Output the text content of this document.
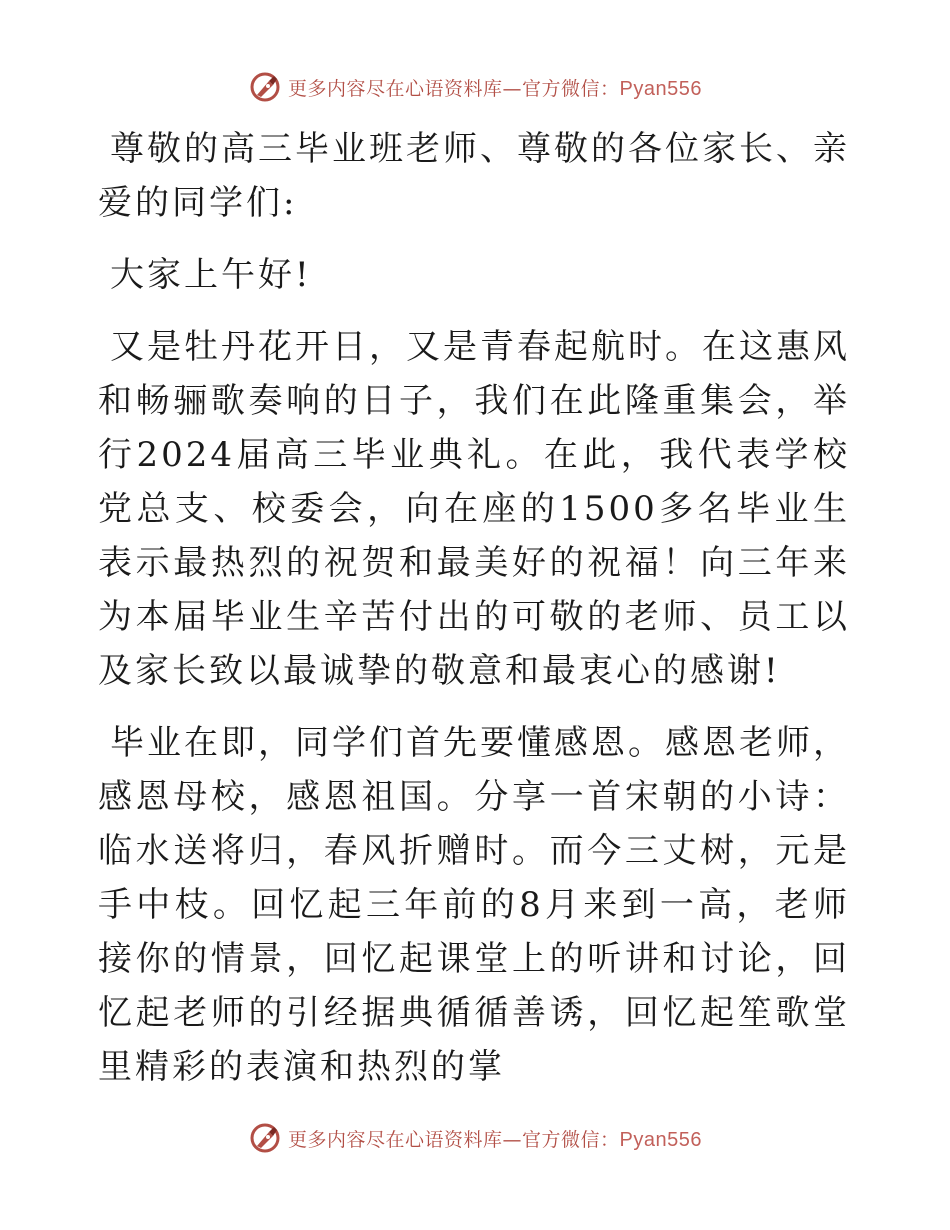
更多内容尽在心语资料库—官方微信：Pyan556

尊敬的高三毕业班老师、尊敬的各位家长、亲爱的同学们:

大家上午好!

又是牡丹花开日，又是青春起航时。在这惠风和畅骊歌奏响的日子，我们在此隆重集会，举行2024届高三毕业典礼。在此，我代表学校党总支、校委会，向在座的1500多名毕业生表示最热烈的祝贺和最美好的祝福！向三年来为本届毕业生辛苦付出的可敬的老师、员工以及家长致以最诚挚的敬意和最衷心的感谢!

毕业在即，同学们首先要懂感恩。感恩老师，感恩母校，感恩祖国。分享一首宋朝的小诗：临水送将归，春风折赠时。而今三丈树，元是手中枝。回忆起三年前的8月来到一高，老师接你的情景，回忆起课堂上的听讲和讨论，回忆起老师的引经据典循循善诱，回忆起笙歌堂里精彩的表演和热烈的掌

更多内容尽在心语资料库—官方微信：Pyan556
